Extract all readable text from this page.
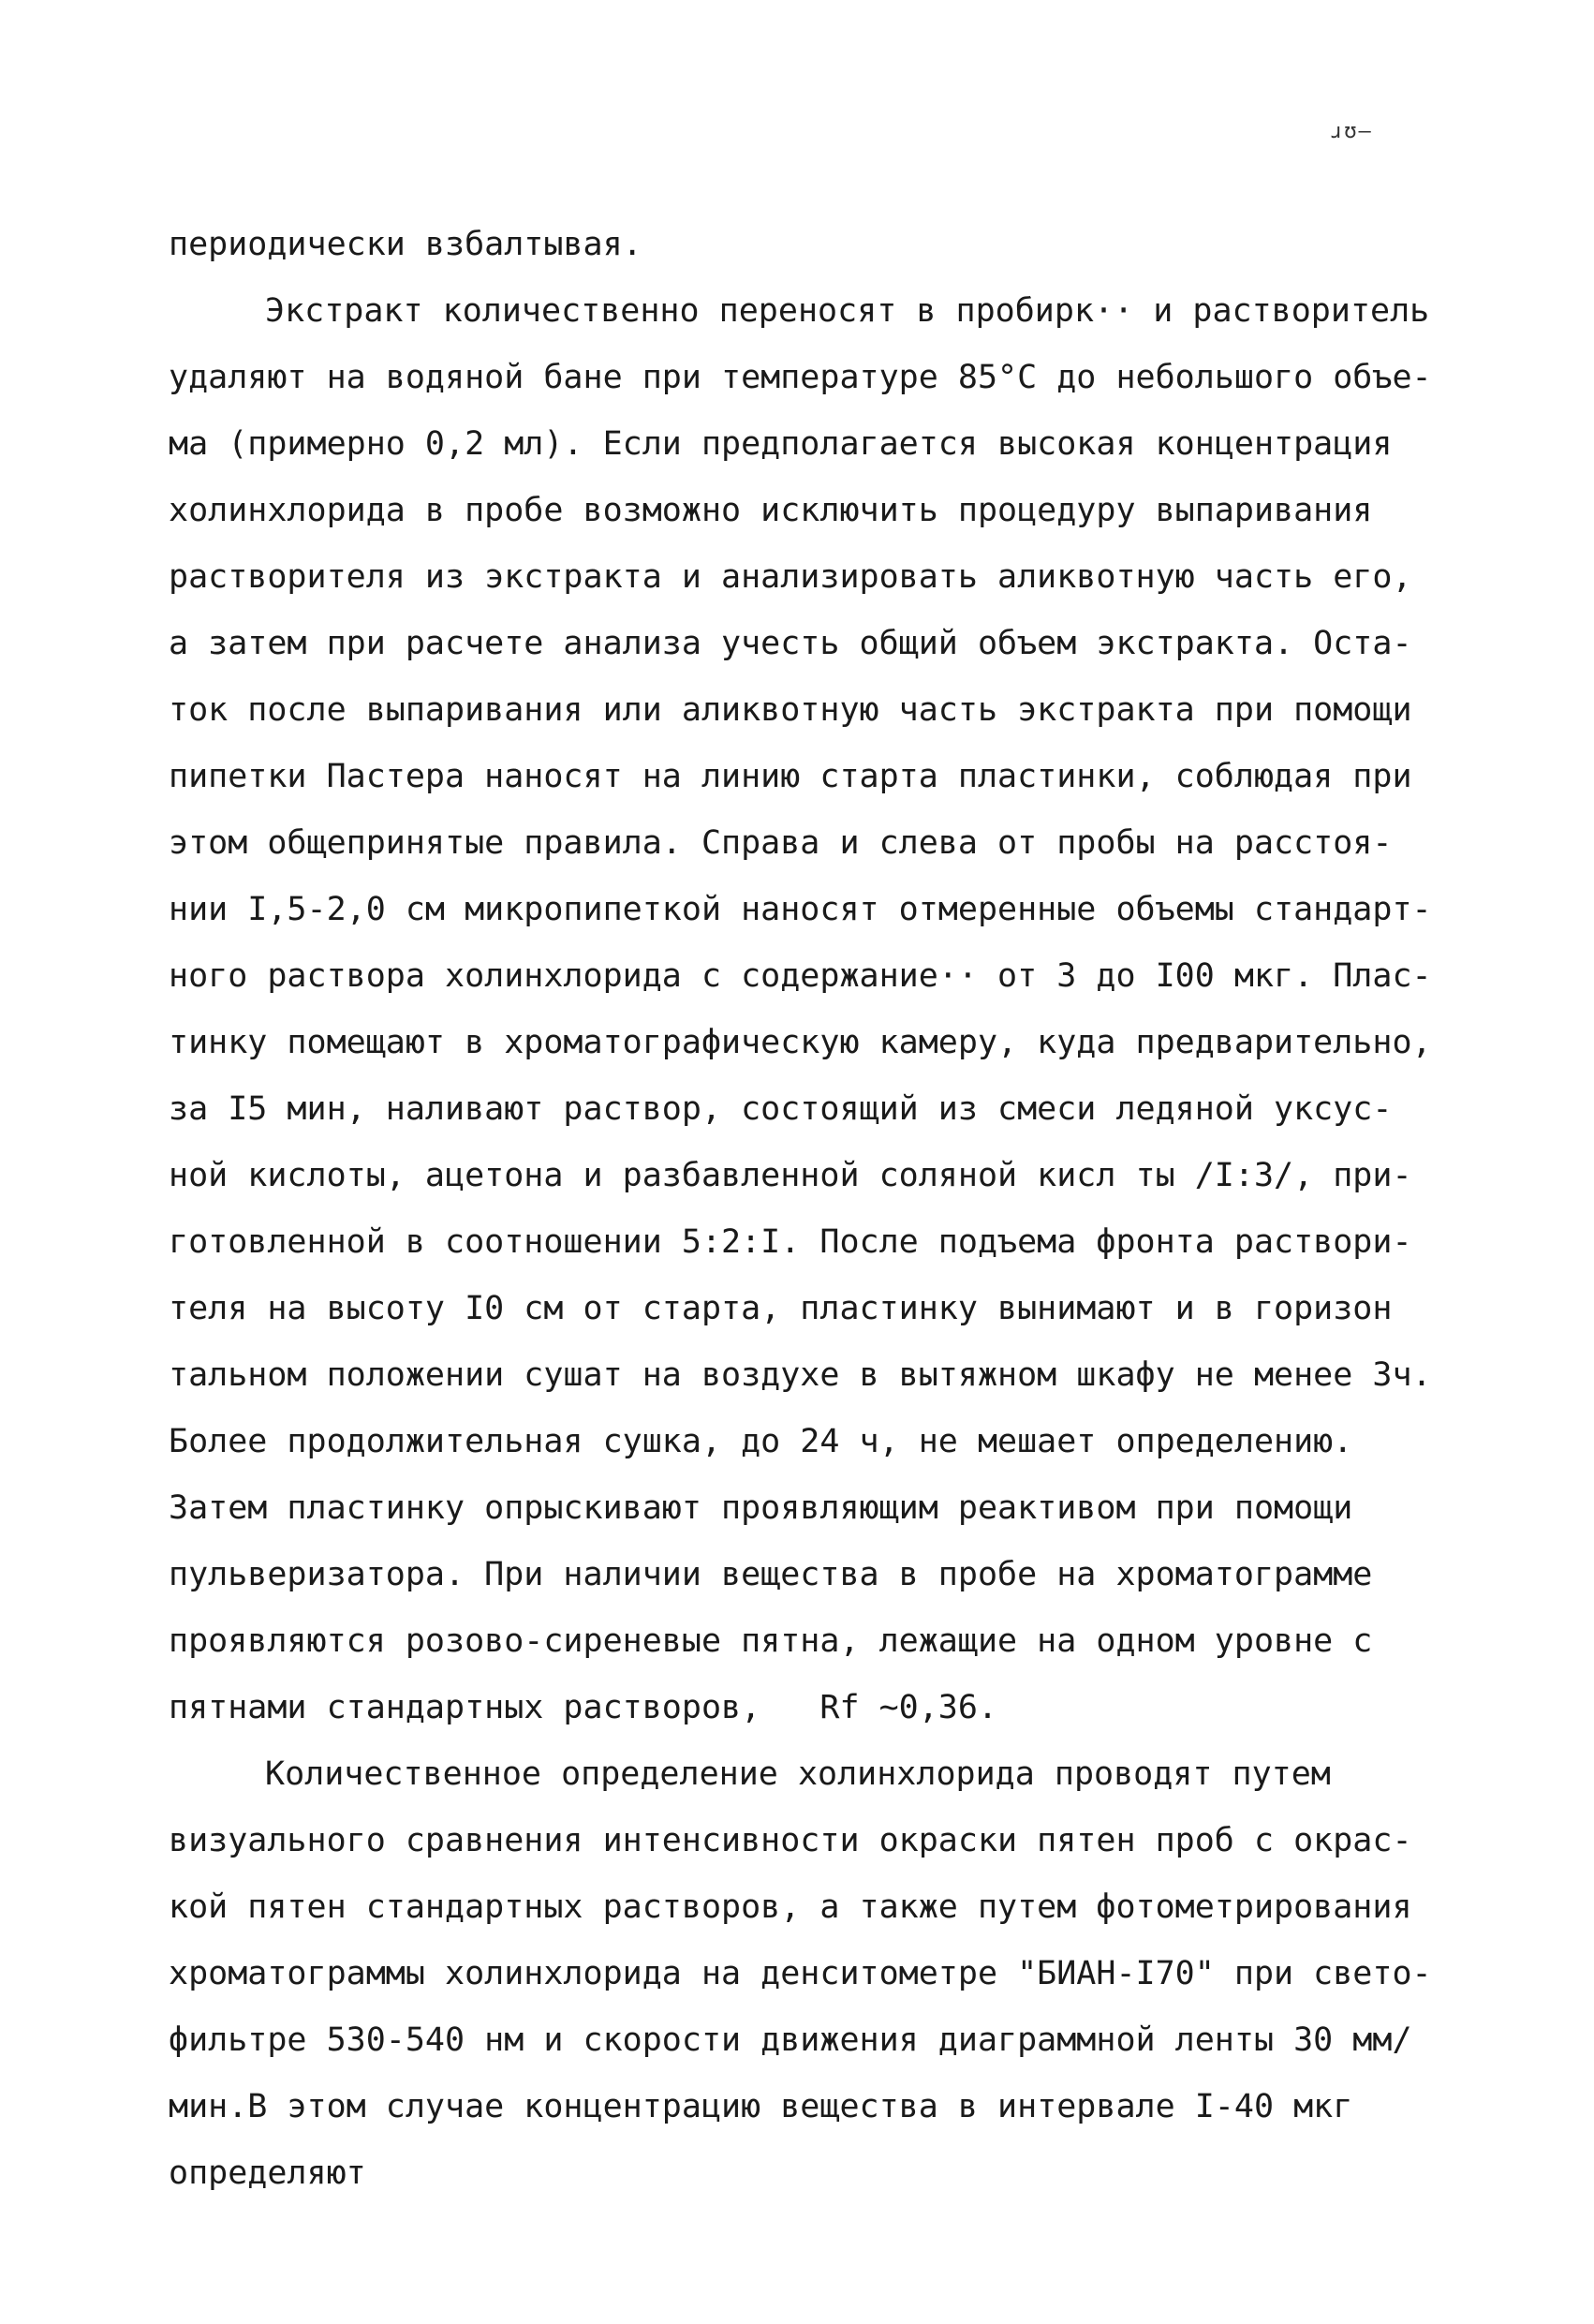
ɹʊ–
периодически взбалтывая.
Экстракт количественно переносят в пробирк·· и растворитель
удаляют на водяной бане при температуре 85°С до небольшого объе-
ма (примерно 0,2 мл). Если предполагается высокая концентрация
холинхлорида в пробе возможно исключить процедуру выпаривания
растворителя из экстракта и анализировать аликвотную часть его,
а затем при расчете анализа учесть общий объем экстракта. Оста-
ток после выпаривания или аликвотную часть экстракта при помощи
пипетки Пастера наносят на линию старта пластинки, соблюдая при
этом общепринятые правила. Справа и слева от пробы на расстоя-
нии I,5-2,0 см микропипеткой наносят отмеренные объемы стандарт-
ного раствора холинхлорида с содержание·· от 3 до I00 мкг. Плас-
тинку помещают в хроматографическую камеру, куда предварительно,
за I5 мин, наливают раствор, состоящий из смеси ледяной уксус-
ной кислоты, ацетона и разбавленной соляной кисл ты /I:3/, при-
готовленной в соотношении 5:2:I. После подъема фронта раствори-
теля на высоту I0 см от старта, пластинку вынимают и в горизон
тальном положении сушат на воздухе в вытяжном шкафу не менее 3ч.
Более продолжительная сушка, до 24 ч, не мешает определению.
Затем пластинку опрыскивают проявляющим реактивом при помощи
пульверизатора. При наличии вещества в пробе на хроматограмме
проявляются розово-сиреневые пятна, лежащие на одном уровне с
пятнами стандартных растворов,   Rf ~0,36.
Количественное определение холинхлорида проводят путем
визуального сравнения интенсивности окраски пятен проб с окрас-
кой пятен стандартных растворов, а также путем фотометрирования
хроматограммы холинхлорида на денситометре "БИАН-I70" при свето-
фильтре 530-540 нм и скорости движения диаграммной ленты 30 мм/
мин.В этом случае концентрацию вещества в интервале I-40 мкг
определяют
